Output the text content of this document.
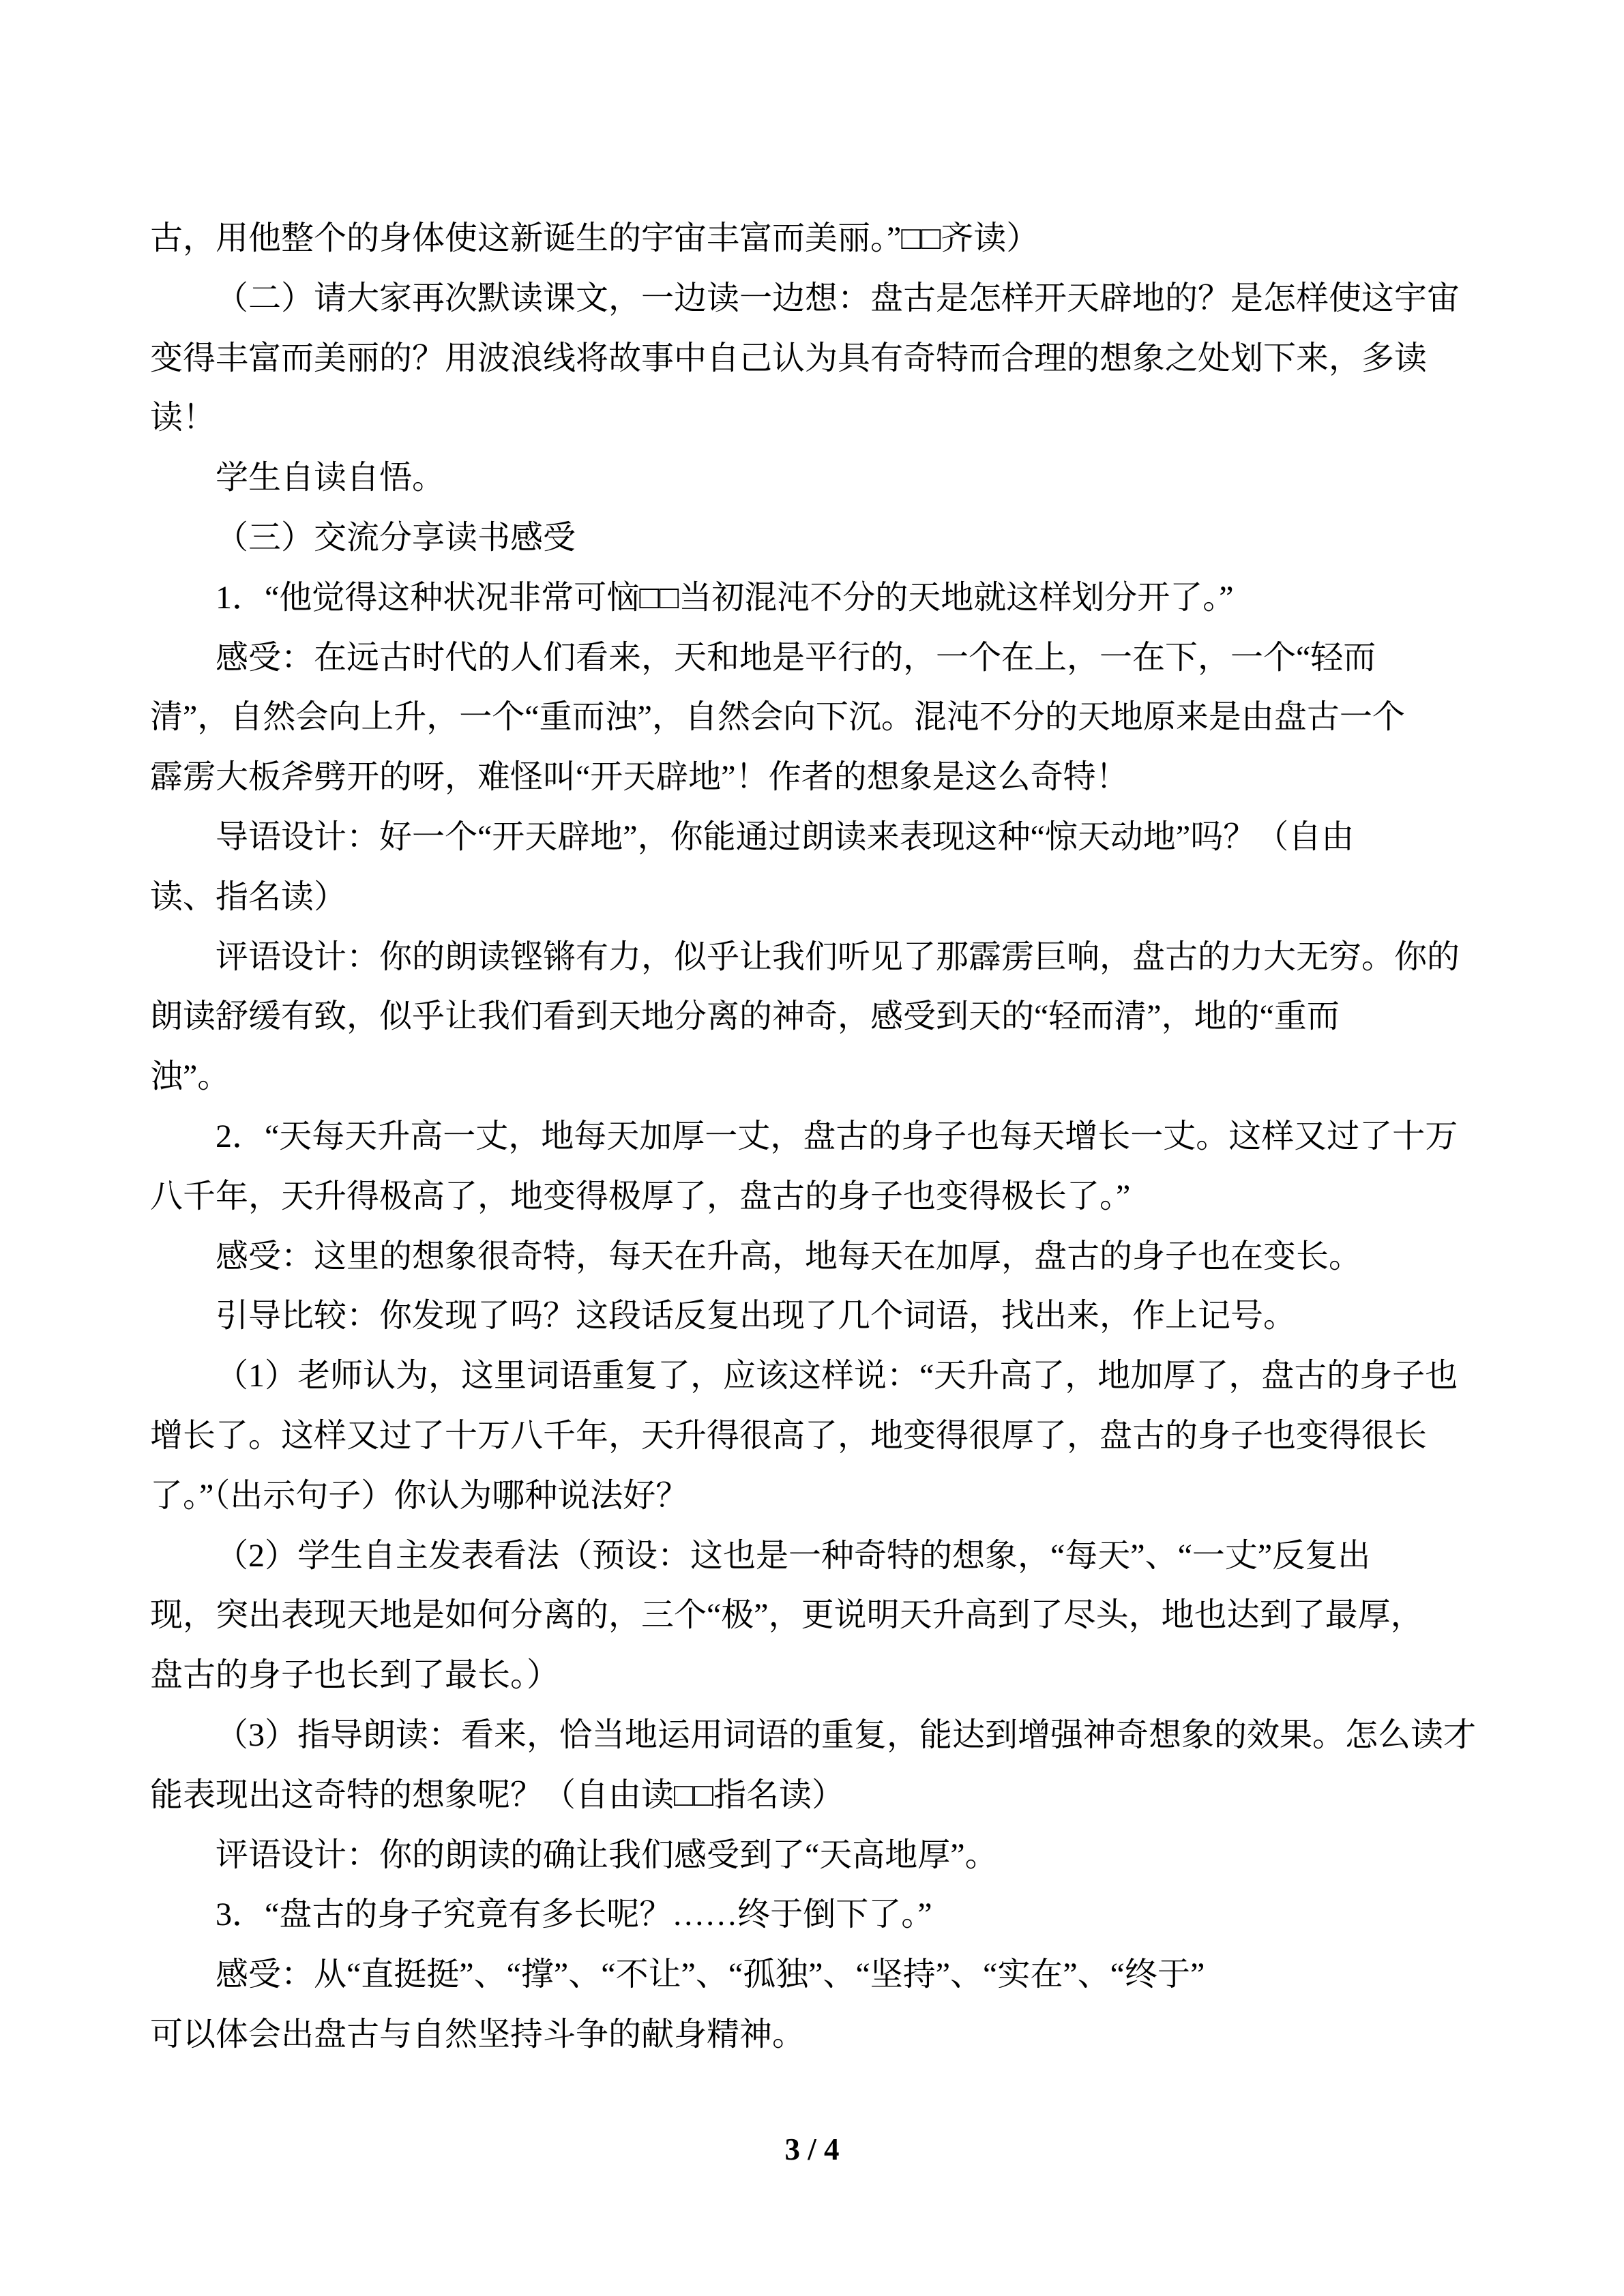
古，用他整个的身体使这新诞生的宇宙丰富而美丽。”□□齐读）
（二）请大家再次默读课文，一边读一边想：盘古是怎样开天辟地的？是怎样使这宇宙
变得丰富而美丽的？用波浪线将故事中自己认为具有奇特而合理的想象之处划下来，多读
读！
学生自读自悟。
（三）交流分享读书感受
1．“他觉得这种状况非常可恼□□当初混沌不分的天地就这样划分开了。”
感受：在远古时代的人们看来，天和地是平行的，一个在上，一在下，一个“轻而
清”，自然会向上升，一个“重而浊”，自然会向下沉。混沌不分的天地原来是由盘古一个
霹雳大板斧劈开的呀，难怪叫“开天辟地”！作者的想象是这么奇特！
导语设计：好一个“开天辟地”，你能通过朗读来表现这种“惊天动地”吗？（自由
读、指名读）
评语设计：你的朗读铿锵有力，似乎让我们听见了那霹雳巨响，盘古的力大无穷。你的
朗读舒缓有致，似乎让我们看到天地分离的神奇，感受到天的“轻而清”，地的“重而
浊”。
2．“天每天升高一丈，地每天加厚一丈，盘古的身子也每天增长一丈。这样又过了十万
八千年，天升得极高了，地变得极厚了，盘古的身子也变得极长了。”
感受：这里的想象很奇特，每天在升高，地每天在加厚，盘古的身子也在变长。
引导比较：你发现了吗？这段话反复出现了几个词语，找出来，作上记号。
（1）老师认为，这里词语重复了，应该这样说：“天升高了，地加厚了，盘古的身子也
增长了。这样又过了十万八千年，天升得很高了，地变得很厚了，盘古的身子也变得很长
了。”（出示句子）你认为哪种说法好？
（2）学生自主发表看法（预设：这也是一种奇特的想象，“每天”、“一丈”反复出
现，突出表现天地是如何分离的，三个“极”，更说明天升高到了尽头，地也达到了最厚，
盘古的身子也长到了最长。）
（3）指导朗读：看来，恰当地运用词语的重复，能达到增强神奇想象的效果。怎么读才
能表现出这奇特的想象呢？（自由读□□指名读）
评语设计：你的朗读的确让我们感受到了“天高地厚”。
3．“盘古的身子究竟有多长呢？……终于倒下了。”
感受：从“直挺挺”、“撑”、“不让”、“孤独”、“坚持”、“实在”、“终于”
可以体会出盘古与自然坚持斗争的献身精神。
3 / 4
